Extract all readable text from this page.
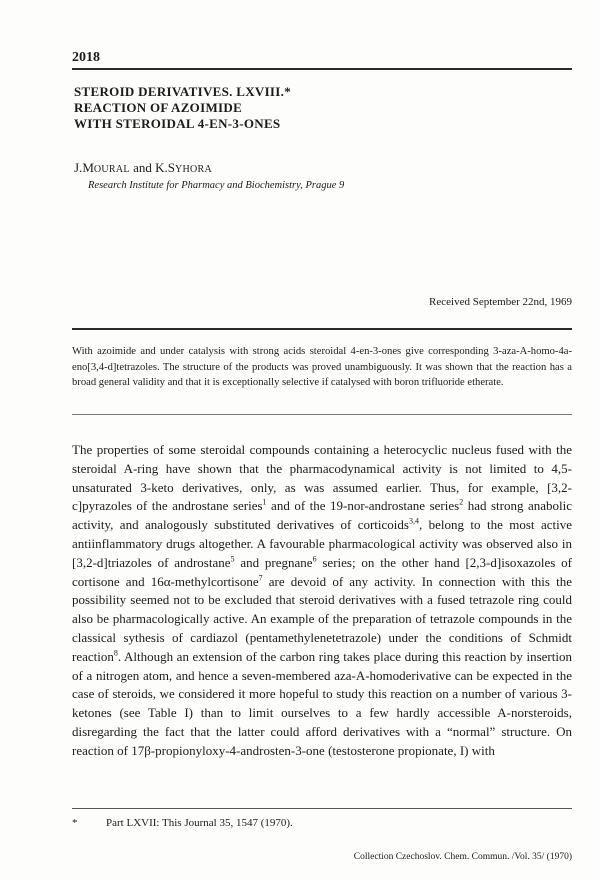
2018
STEROID DERIVATIVES. LXVIII.*
REACTION OF AZOIMIDE
WITH STEROIDAL 4-EN-3-ONES
J.MOURAL and K.SYHORA
Research Institute for Pharmacy and Biochemistry, Prague 9
Received September 22nd, 1969

With azoimide and under catalysis with strong acids steroidal 4-en-3-ones give corresponding 3-aza-A-homo-4a-eno[3,4-d]tetrazoles. The structure of the products was proved unambiguously. It was shown that the reaction has a broad general validity and that it is exceptionally selective if catalysed with boron trifluoride etherate.

The properties of some steroidal compounds containing a heterocyclic nucleus fused with the steroidal A-ring have shown that the pharmacodynamical activity is not limited to 4,5-unsaturated 3-keto derivatives, only, as was assumed earlier. Thus, for example, [3,2-c]pyrazoles of the androstane series$^1$ and of the 19-nor-androstane series$^2$ had strong anabolic activity, and analogously substituted derivatives of corticoids$^{3,4}$, belong to the most active antiinflammatory drugs altogether. A favourable pharmacological activity was observed also in [3,2-d]triazoles of androstane$^5$ and pregnane$^6$ series; on the other hand [2,3-d]isoxazoles of cortisone and 16α-methylcortisone$^7$ are devoid of any activity. In connection with this the possibility seemed not to be excluded that steroid derivatives with a fused tetrazole ring could also be pharmacologically active. An example of the preparation of tetrazole compounds in the classical sythesis of cardiazol (pentamethylenetetrazole) under the conditions of Schmidt reaction$^8$. Although an extension of the carbon ring takes place during this reaction by insertion of a nitrogen atom, and hence a seven-membered aza-A-homoderivative can be expected in the case of steroids, we considered it more hopeful to study this reaction on a number of various 3-ketones (see Table I) than to limit ourselves to a few hardly accessible A-norsteroids, disregarding the fact that the latter could afford derivatives with a “normal” structure. On reaction of 17β-propionyloxy-4-androsten-3-one (testosterone propionate, I) with

*	Part LXVII: This Journal 35, 1547 (1970).
Collection Czechoslov. Chem. Commun. /Vol. 35/ (1970)
